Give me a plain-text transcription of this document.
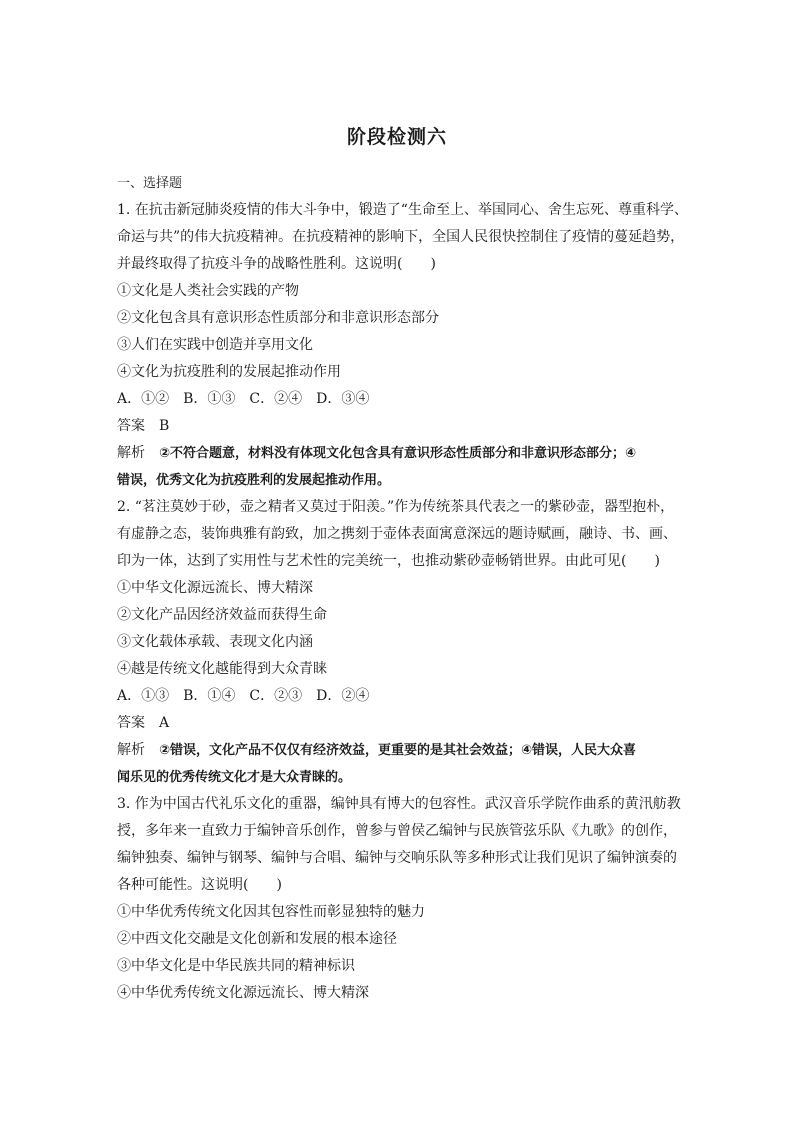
阶段检测六
一、选择题
1. 在抗击新冠肺炎疫情的伟大斗争中，锻造了“生命至上、举国同心、舍生忘死、尊重科学、
命运与共”的伟大抗疫精神。在抗疫精神的影响下，全国人民很快控制住了疫情的蔓延趋势，
并最终取得了抗疫斗争的战略性胜利。这说明(　　)
①文化是人类社会实践的产物
②文化包含具有意识形态性质部分和非意识形态部分
③人们在实践中创造并享用文化
④文化为抗疫胜利的发展起推动作用
A．①②　B．①③　C．②④　D．③④
答案 B
解析 ②不符合题意，材料没有体现文化包含具有意识形态性质部分和非意识形态部分；④
错误，优秀文化为抗疫胜利的发展起推动作用。
2. “茗注莫妙于砂，壶之精者又莫过于阳羡。”作为传统茶具代表之一的紫砂壶，器型抱朴，
有虚静之态，装饰典雅有韵致，加之携刻于壶体表面寓意深远的题诗赋画，融诗、书、画、
印为一体，达到了实用性与艺术性的完美统一，也推动紫砂壶畅销世界。由此可见(　　)
①中华文化源远流长、博大精深
②文化产品因经济效益而获得生命
③文化载体承载、表现文化内涵
④越是传统文化越能得到大众青睐
A．①③　B．①④　C．②③　D．②④
答案 A
解析 ②错误，文化产品不仅仅有经济效益，更重要的是其社会效益；④错误，人民大众喜
闻乐见的优秀传统文化才是大众青睐的。
3. 作为中国古代礼乐文化的重器，编钟具有博大的包容性。武汉音乐学院作曲系的黄汛舫教
授，多年来一直致力于编钟音乐创作，曾参与曾侯乙编钟与民族管弦乐队《九歌》的创作，
编钟独奏、编钟与钢琴、编钟与合唱、编钟与交响乐队等多种形式让我们见识了编钟演奏的
各种可能性。这说明(　　)
①中华优秀传统文化因其包容性而彰显独特的魅力
②中西文化交融是文化创新和发展的根本途径
③中华文化是中华民族共同的精神标识
④中华优秀传统文化源远流长、博大精深
